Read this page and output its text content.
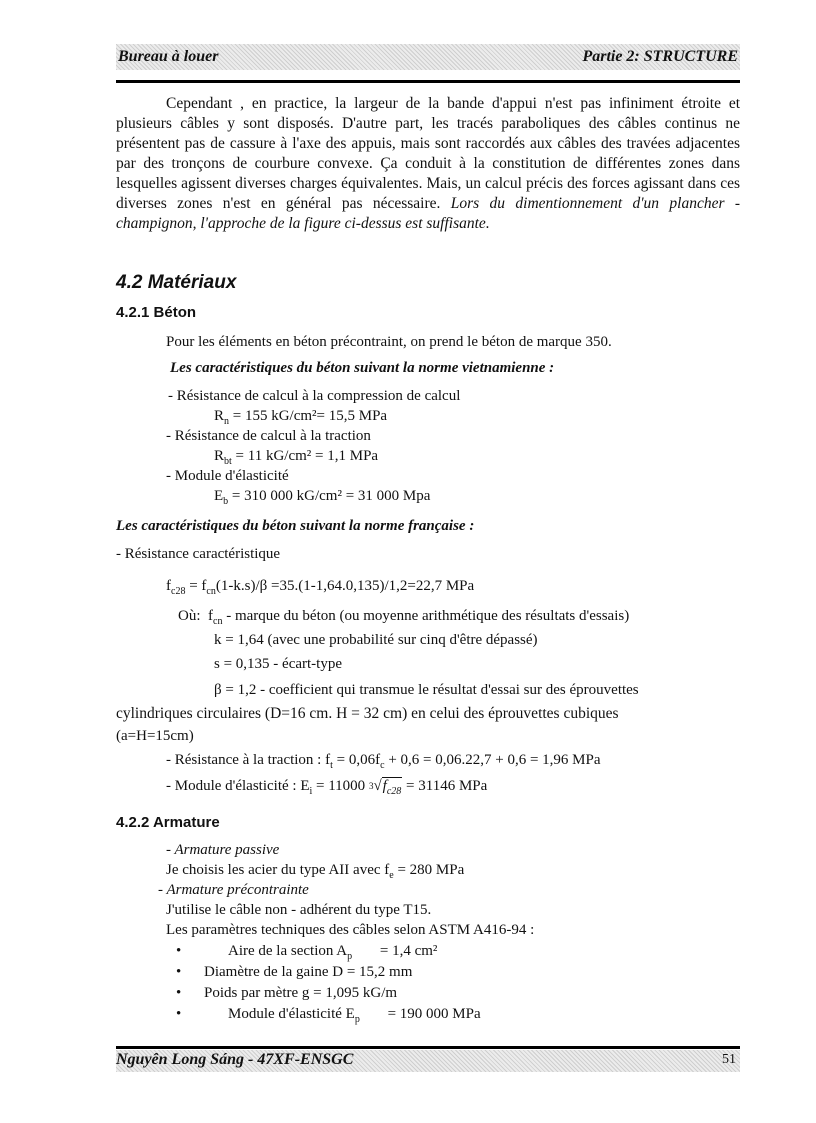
Bureau à louer	Partie 2: STRUCTURE
Cependant , en practice, la largeur de la bande d'appui n'est pas infiniment étroite et plusieurs câbles y sont disposés. D'autre part, les tracés paraboliques des câbles continus ne présentent pas de cassure à l'axe des appuis, mais sont raccordés aux câbles des travées adjacentes par des tronçons de courbure convexe. Ça conduit à la constitution de différentes zones dans lesquelles agissent diverses charges équivalentes. Mais, un calcul précis des forces agissant dans ces diverses zones n'est en général pas nécessaire. Lors du dimentionnement d'un plancher - champignon, l'approche de la figure ci-dessus est suffisante.
4.2 Matériaux
4.2.1 Béton
Pour les éléments en béton précontraint, on prend le béton de marque 350.
Les caractéristiques du béton suivant la norme vietnamienne :
- Résistance de calcul à la compression de calcul
$R_n = 155$ kG/cm²= 15,5 MPa
- Résistance de calcul à la traction
$R_{bt} = 11$ kG/cm² = 1,1 MPa
- Module d'élasticité
$E_b = 310$ 000 kG/cm² = 31 000 Mpa
Les caractéristiques du béton suivant la norme française :
- Résistance caractéristique
$f_{c28} = f_{cn}(1-k.s)/\beta =35.(1-1,64.0,135)/1,2=22,7$ MPa
Où:  $f_{cn}$ - marque du béton (ou moyenne arithmétique des résultats d'essais)
k = 1,64 (avec une probabilité sur cinq d'être dépassé)
s = 0,135 - écart-type
β = 1,2 - coefficient qui transmue le résultat d'essai sur des éprouvettes
cylindriques circulaires (D=16 cm. H = 32 cm) en celui des éprouvettes cubiques
(a=H=15cm)
- Résistance à la traction : $f_t = 0,06f_c + 0,6 = 0,06.22,7 + 0,6 = 1,96$ MPa
- Module d'élasticité : $E_i = 11000$ $^3√f_{c28} = 31146$ MPa
4.2.2 Armature
- Armature passive
Je choisis les acier du type AII avec $f_e = 280$ MPa
- Armature précontrainte
J'utilise le câble non - adhérent du type T15.
Les paramètres techniques des câbles selon ASTM A416-94 :
• Aire de la section $A_p = 1,4$ cm²
• Diamètre de la gaine D = 15,2 mm
• Poids par mètre g = 1,095 kG/m
• Module d'élasticité $E_p = 190$ 000 MPa
Nguyên Long Sáng - 47XF-ENSGC	51
